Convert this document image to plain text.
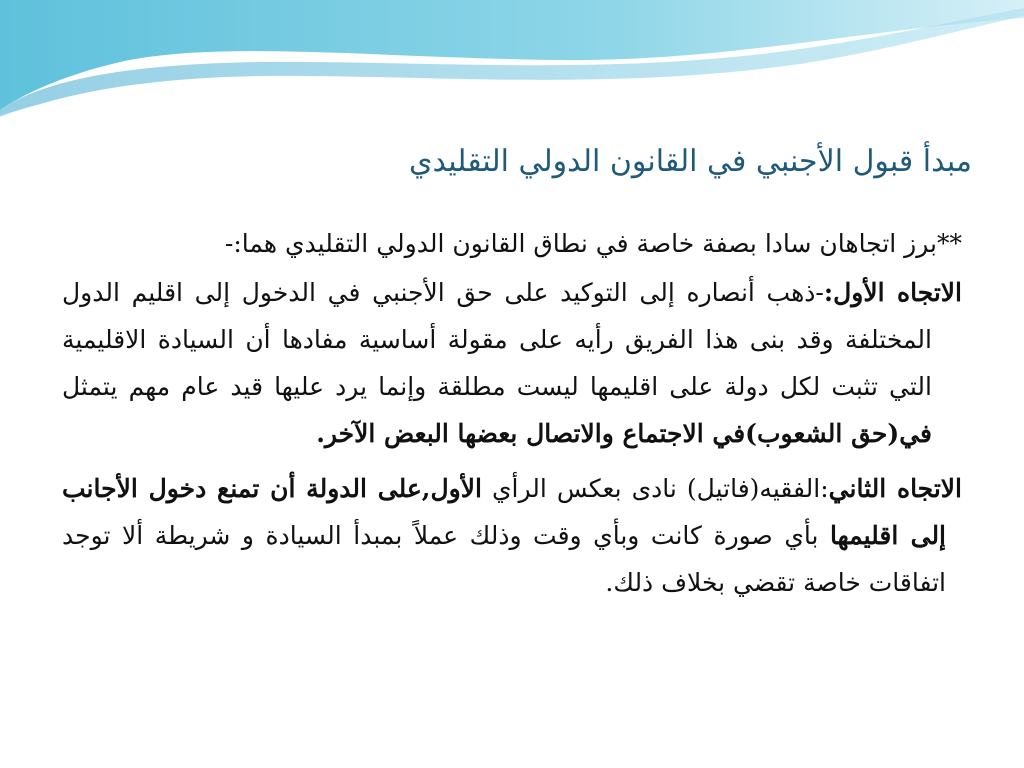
مبدأ قبول الأجنبي في القانون الدولي التقليدي

**برز اتجاهان سادا بصفة خاصة في نطاق القانون الدولي التقليدي هما:-

الاتجاه الأول:-ذهب أنصاره إلى التوكيد على حق الأجنبي في الدخول إلى اقليم الدول المختلفة وقد بنى هذا الفريق رأيه على مقولة أساسية مفادها أن السيادة الاقليمية التي تثبت لكل دولة على اقليمها ليست مطلقة وإنما يرد عليها قيد عام مهم يتمثل في(حق الشعوب)في الاجتماع والاتصال بعضها البعض الآخر.

الاتجاه الثاني:الفقيه(فاتيل) نادى بعكس الرأي الأول,على الدولة أن تمنع دخول الأجانب إلى اقليمها بأي صورة كانت وبأي وقت وذلك عملاً بمبدأ السيادة و شريطة ألا توجد اتفاقات خاصة تقضي بخلاف ذلك.
